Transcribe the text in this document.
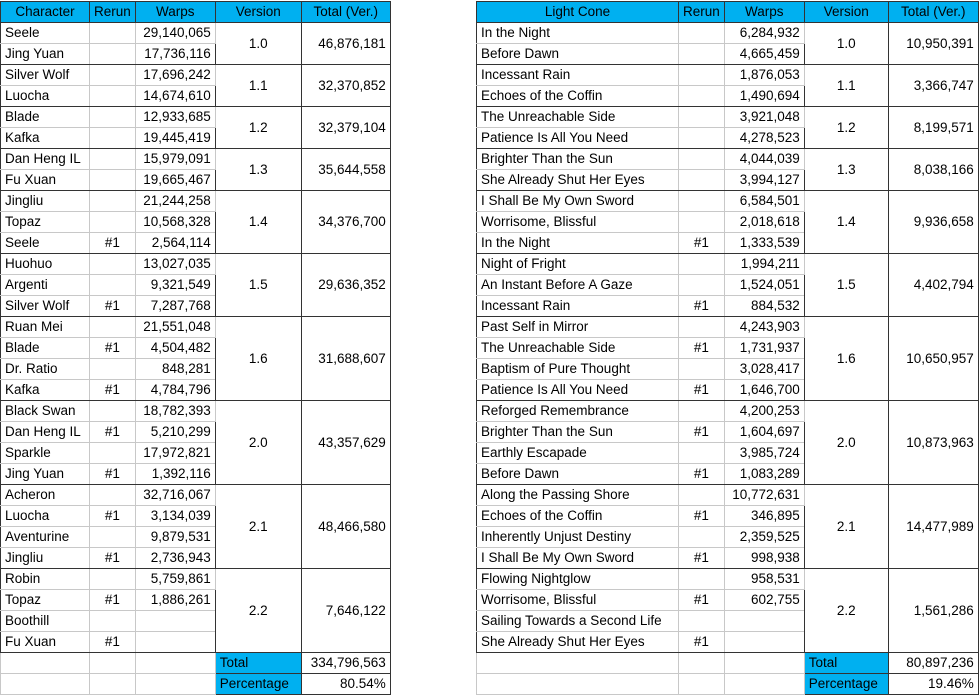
Character	Rerun	Warps	Version	Total (Ver.)
Seele		29,140,065	1.0	46,876,181
Jing Yuan		17,736,116		
Silver Wolf		17,696,242	1.1	32,370,852
Luocha		14,674,610		
Blade		12,933,685	1.2	32,379,104
Kafka		19,445,419		
Dan Heng IL		15,979,091	1.3	35,644,558
Fu Xuan		19,665,467		
Jingliu		21,244,258	1.4	34,376,700
Topaz		10,568,328		
Seele	#1	2,564,114		
Huohuo		13,027,035	1.5	29,636,352
Argenti		9,321,549		
Silver Wolf	#1	7,287,768		
Ruan Mei		21,551,048	1.6	31,688,607
Blade	#1	4,504,482		
Dr. Ratio		848,281		
Kafka	#1	4,784,796		
Black Swan		18,782,393	2.0	43,357,629
Dan Heng IL	#1	5,210,299		
Sparkle		17,972,821		
Jing Yuan	#1	1,392,116		
Acheron		32,716,067	2.1	48,466,580
Luocha	#1	3,134,039		
Aventurine		9,879,531		
Jingliu	#1	2,736,943		
Robin		5,759,861	2.2	7,646,122
Topaz	#1	1,886,261		
Boothill				
Fu Xuan	#1			
			Total	334,796,563
			Percentage	80.54%
Light Cone	Rerun	Warps	Version	Total (Ver.)
In the Night		6,284,932	1.0	10,950,391
Before Dawn		4,665,459		
Incessant Rain		1,876,053	1.1	3,366,747
Echoes of the Coffin		1,490,694		
The Unreachable Side		3,921,048	1.2	8,199,571
Patience Is All You Need		4,278,523		
Brighter Than the Sun		4,044,039	1.3	8,038,166
She Already Shut Her Eyes		3,994,127		
I Shall Be My Own Sword		6,584,501	1.4	9,936,658
Worrisome, Blissful		2,018,618		
In the Night	#1	1,333,539		
Night of Fright		1,994,211	1.5	4,402,794
An Instant Before A Gaze		1,524,051		
Incessant Rain	#1	884,532		
Past Self in Mirror		4,243,903	1.6	10,650,957
The Unreachable Side	#1	1,731,937		
Baptism of Pure Thought		3,028,417		
Patience Is All You Need	#1	1,646,700		
Reforged Remembrance		4,200,253	2.0	10,873,963
Brighter Than the Sun	#1	1,604,697		
Earthly Escapade		3,985,724		
Before Dawn	#1	1,083,289		
Along the Passing Shore		10,772,631	2.1	14,477,989
Echoes of the Coffin	#1	346,895		
Inherently Unjust Destiny		2,359,525		
I Shall Be My Own Sword	#1	998,938		
Flowing Nightglow		958,531	2.2	1,561,286
Worrisome, Blissful	#1	602,755		
Sailing Towards a Second Life				
She Already Shut Her Eyes	#1			
			Total	80,897,236
			Percentage	19.46%
